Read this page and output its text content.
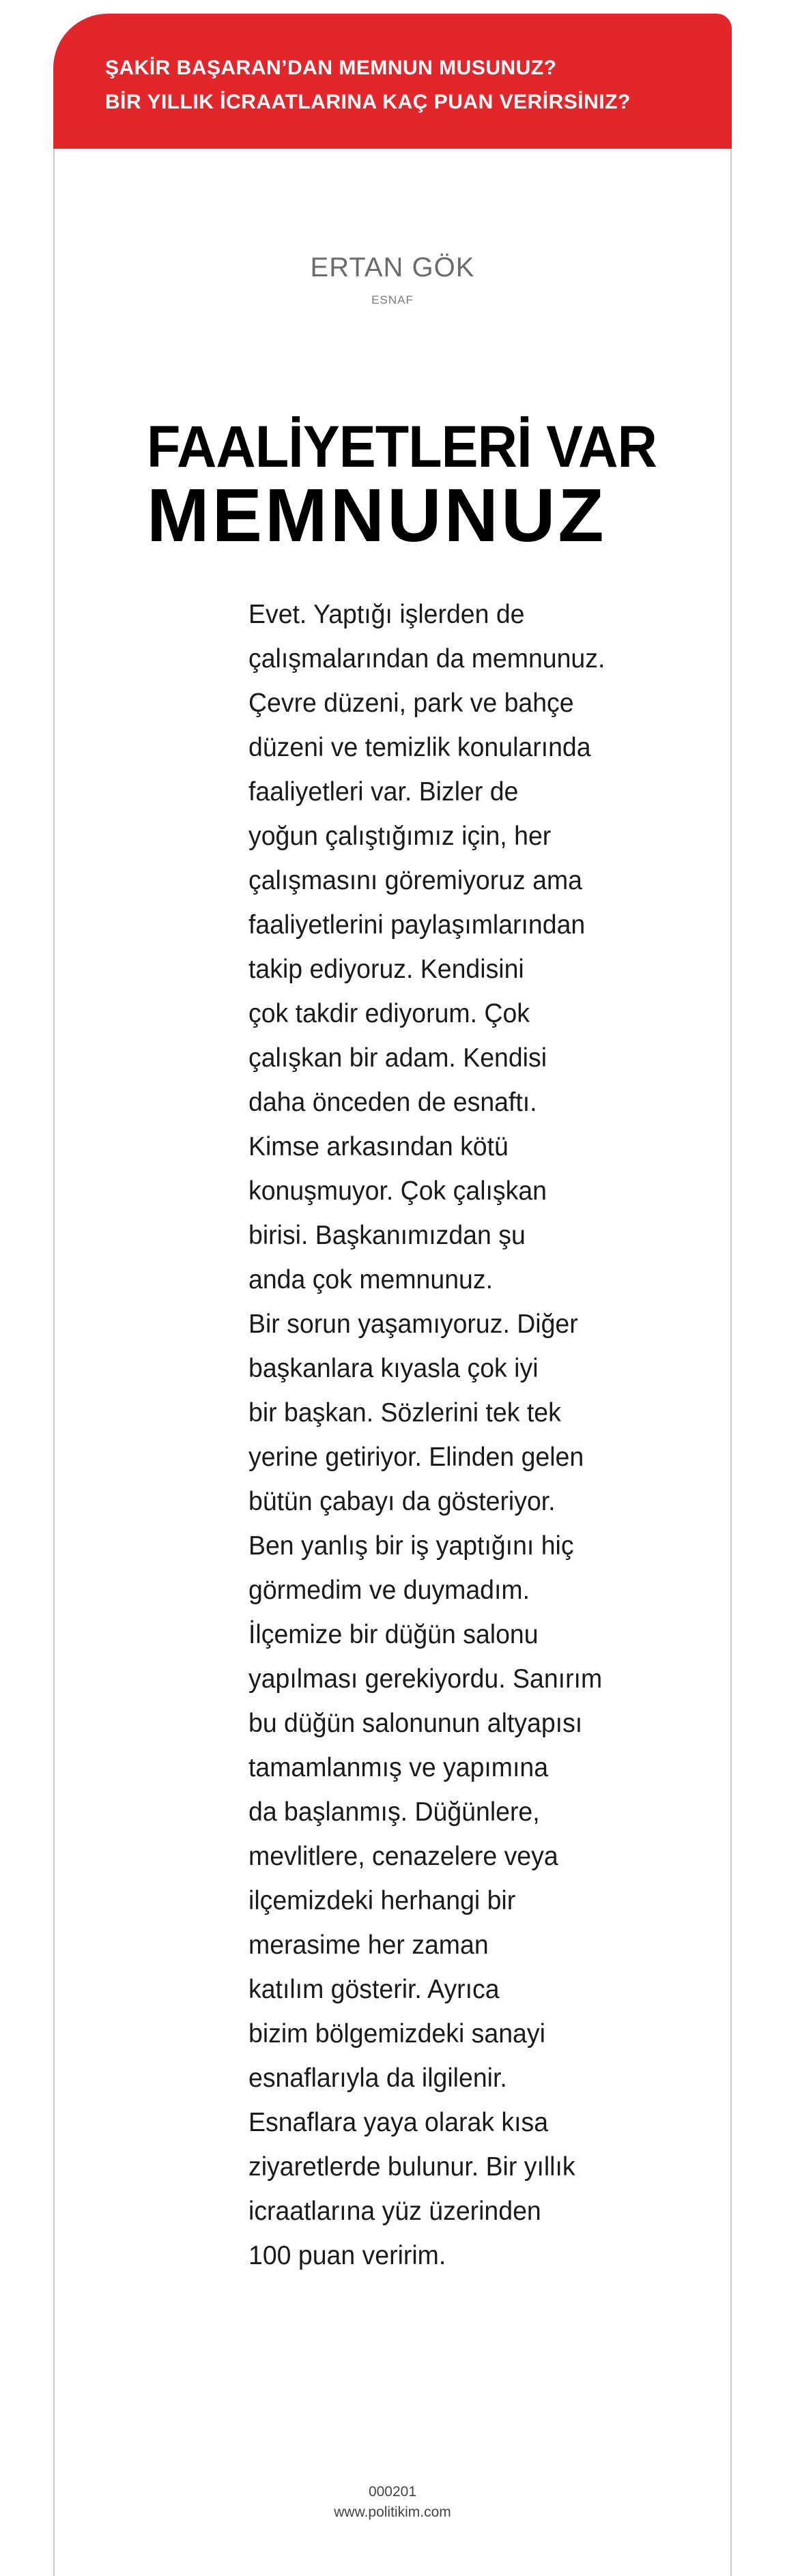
ŞAKİR BAŞARAN’DAN MEMNUN MUSUNUZ?
BİR YILLIK İCRAATLARINA KAÇ PUAN VERİRSİNIZ?
ERTAN GÖK
ESNAF
FAALİYETLERİ VAR
MEMNUNUZ
Evet. Yaptığı işlerden de
çalışmalarından da memnunuz.
Çevre düzeni, park ve bahçe
düzeni ve temizlik konularında
faaliyetleri var. Bizler de
yoğun çalıştığımız için, her
çalışmasını göremiyoruz ama
faaliyetlerini paylaşımlarından
takip ediyoruz. Kendisini
çok takdir ediyorum. Çok
çalışkan bir adam. Kendisi
daha önceden de esnaftı.
Kimse arkasından kötü
konuşmuyor. Çok çalışkan
birisi. Başkanımızdan şu
anda çok memnunuz.
Bir sorun yaşamıyoruz. Diğer
başkanlara kıyasla çok iyi
bir başkan. Sözlerini tek tek
yerine getiriyor. Elinden gelen
bütün çabayı da gösteriyor.
Ben yanlış bir iş yaptığını hiç
görmedim ve duymadım.
İlçemize bir düğün salonu
yapılması gerekiyordu. Sanırım
bu düğün salonunun altyapısı
tamamlanmış ve yapımına
da başlanmış. Düğünlere,
mevlitlere, cenazelere veya
ilçemizdeki herhangi bir
merasime her zaman
katılım gösterir. Ayrıca
bizim bölgemizdeki sanayi
esnaflarıyla da ilgilenir.
Esnaflara yaya olarak kısa
ziyaretlerde bulunur. Bir yıllık
icraatlarına yüz üzerinden
100 puan veririm.
000201
www.politikim.com
